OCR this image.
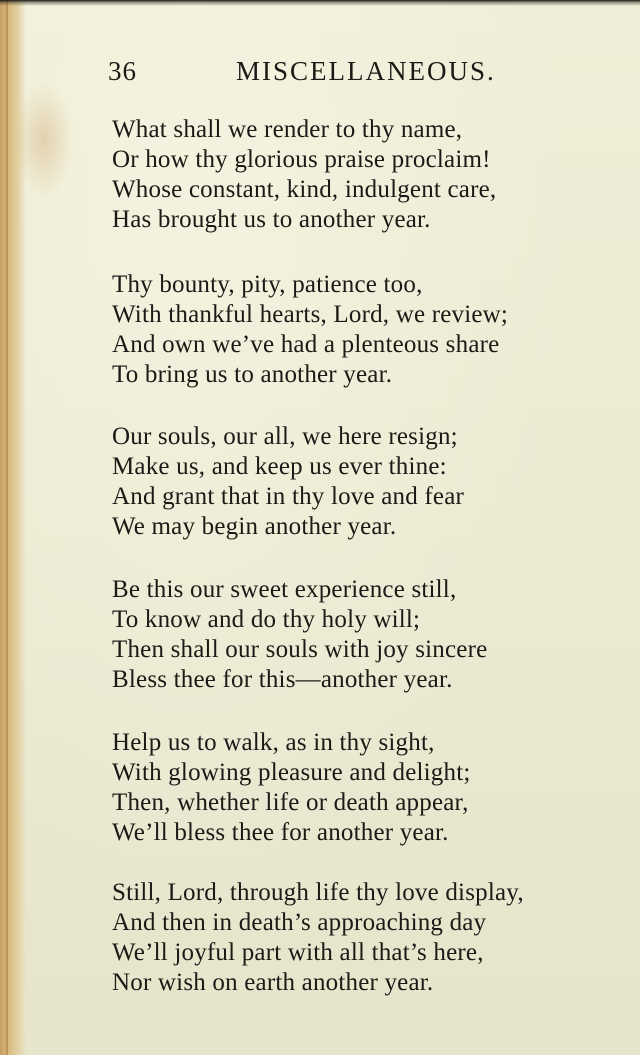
36	MISCELLANEOUS.
What shall we render to thy name,
Or how thy glorious praise proclaim!
Whose constant, kind, indulgent care,
Has brought us to another year.
Thy bounty, pity, patience too,
With thankful hearts, Lord, we review;
And own we’ve had a plenteous share
To bring us to another year.
Our souls, our all, we here resign;
Make us, and keep us ever thine:
And grant that in thy love and fear
We may begin another year.
Be this our sweet experience still,
To know and do thy holy will;
Then shall our souls with joy sincere
Bless thee for this—another year.
Help us to walk, as in thy sight,
With glowing pleasure and delight;
Then, whether life or death appear,
We’ll bless thee for another year.
Still, Lord, through life thy love display,
And then in death’s approaching day
We’ll joyful part with all that’s here,
Nor wish on earth another year.
